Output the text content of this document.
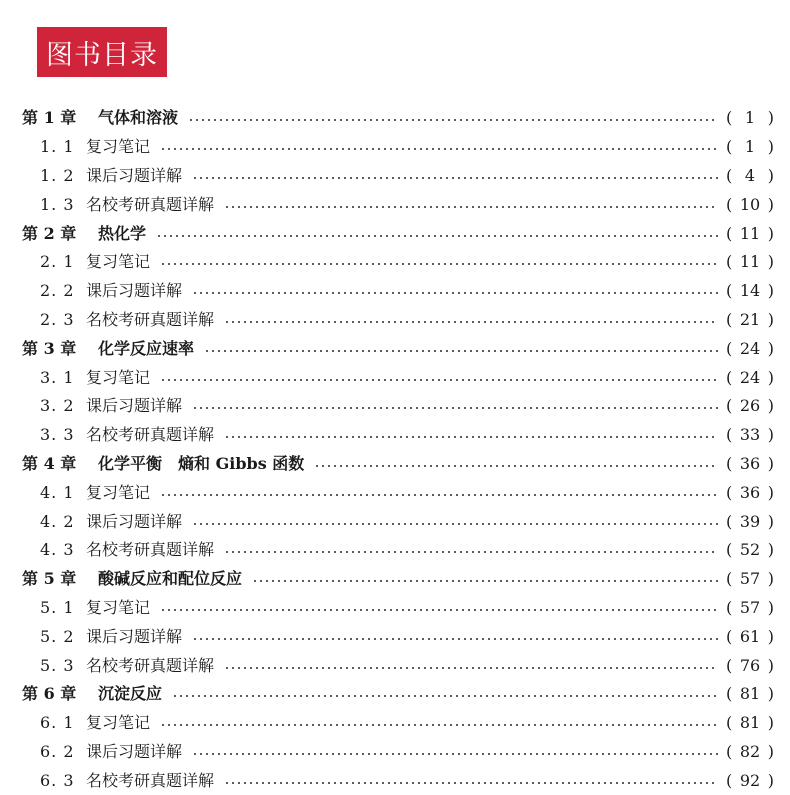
图书目录
第 1 章	气体和溶液	( 1 )
1. 1 复习笔记	( 1 )
1. 2 课后习题详解	( 4 )
1. 3 名校考研真题详解	( 10 )
第 2 章	热化学	( 11 )
2. 1 复习笔记	( 11 )
2. 2 课后习题详解	( 14 )
2. 3 名校考研真题详解	( 21 )
第 3 章	化学反应速率	( 24 )
3. 1 复习笔记	( 24 )
3. 2 课后习题详解	( 26 )
3. 3 名校考研真题详解	( 33 )
第 4 章	化学平衡　熵和 Gibbs 函数	( 36 )
4. 1 复习笔记	( 36 )
4. 2 课后习题详解	( 39 )
4. 3 名校考研真题详解	( 52 )
第 5 章	酸碱反应和配位反应	( 57 )
5. 1 复习笔记	( 57 )
5. 2 课后习题详解	( 61 )
5. 3 名校考研真题详解	( 76 )
第 6 章	沉淀反应	( 81 )
6. 1 复习笔记	( 81 )
6. 2 课后习题详解	( 82 )
6. 3 名校考研真题详解	( 92 )
